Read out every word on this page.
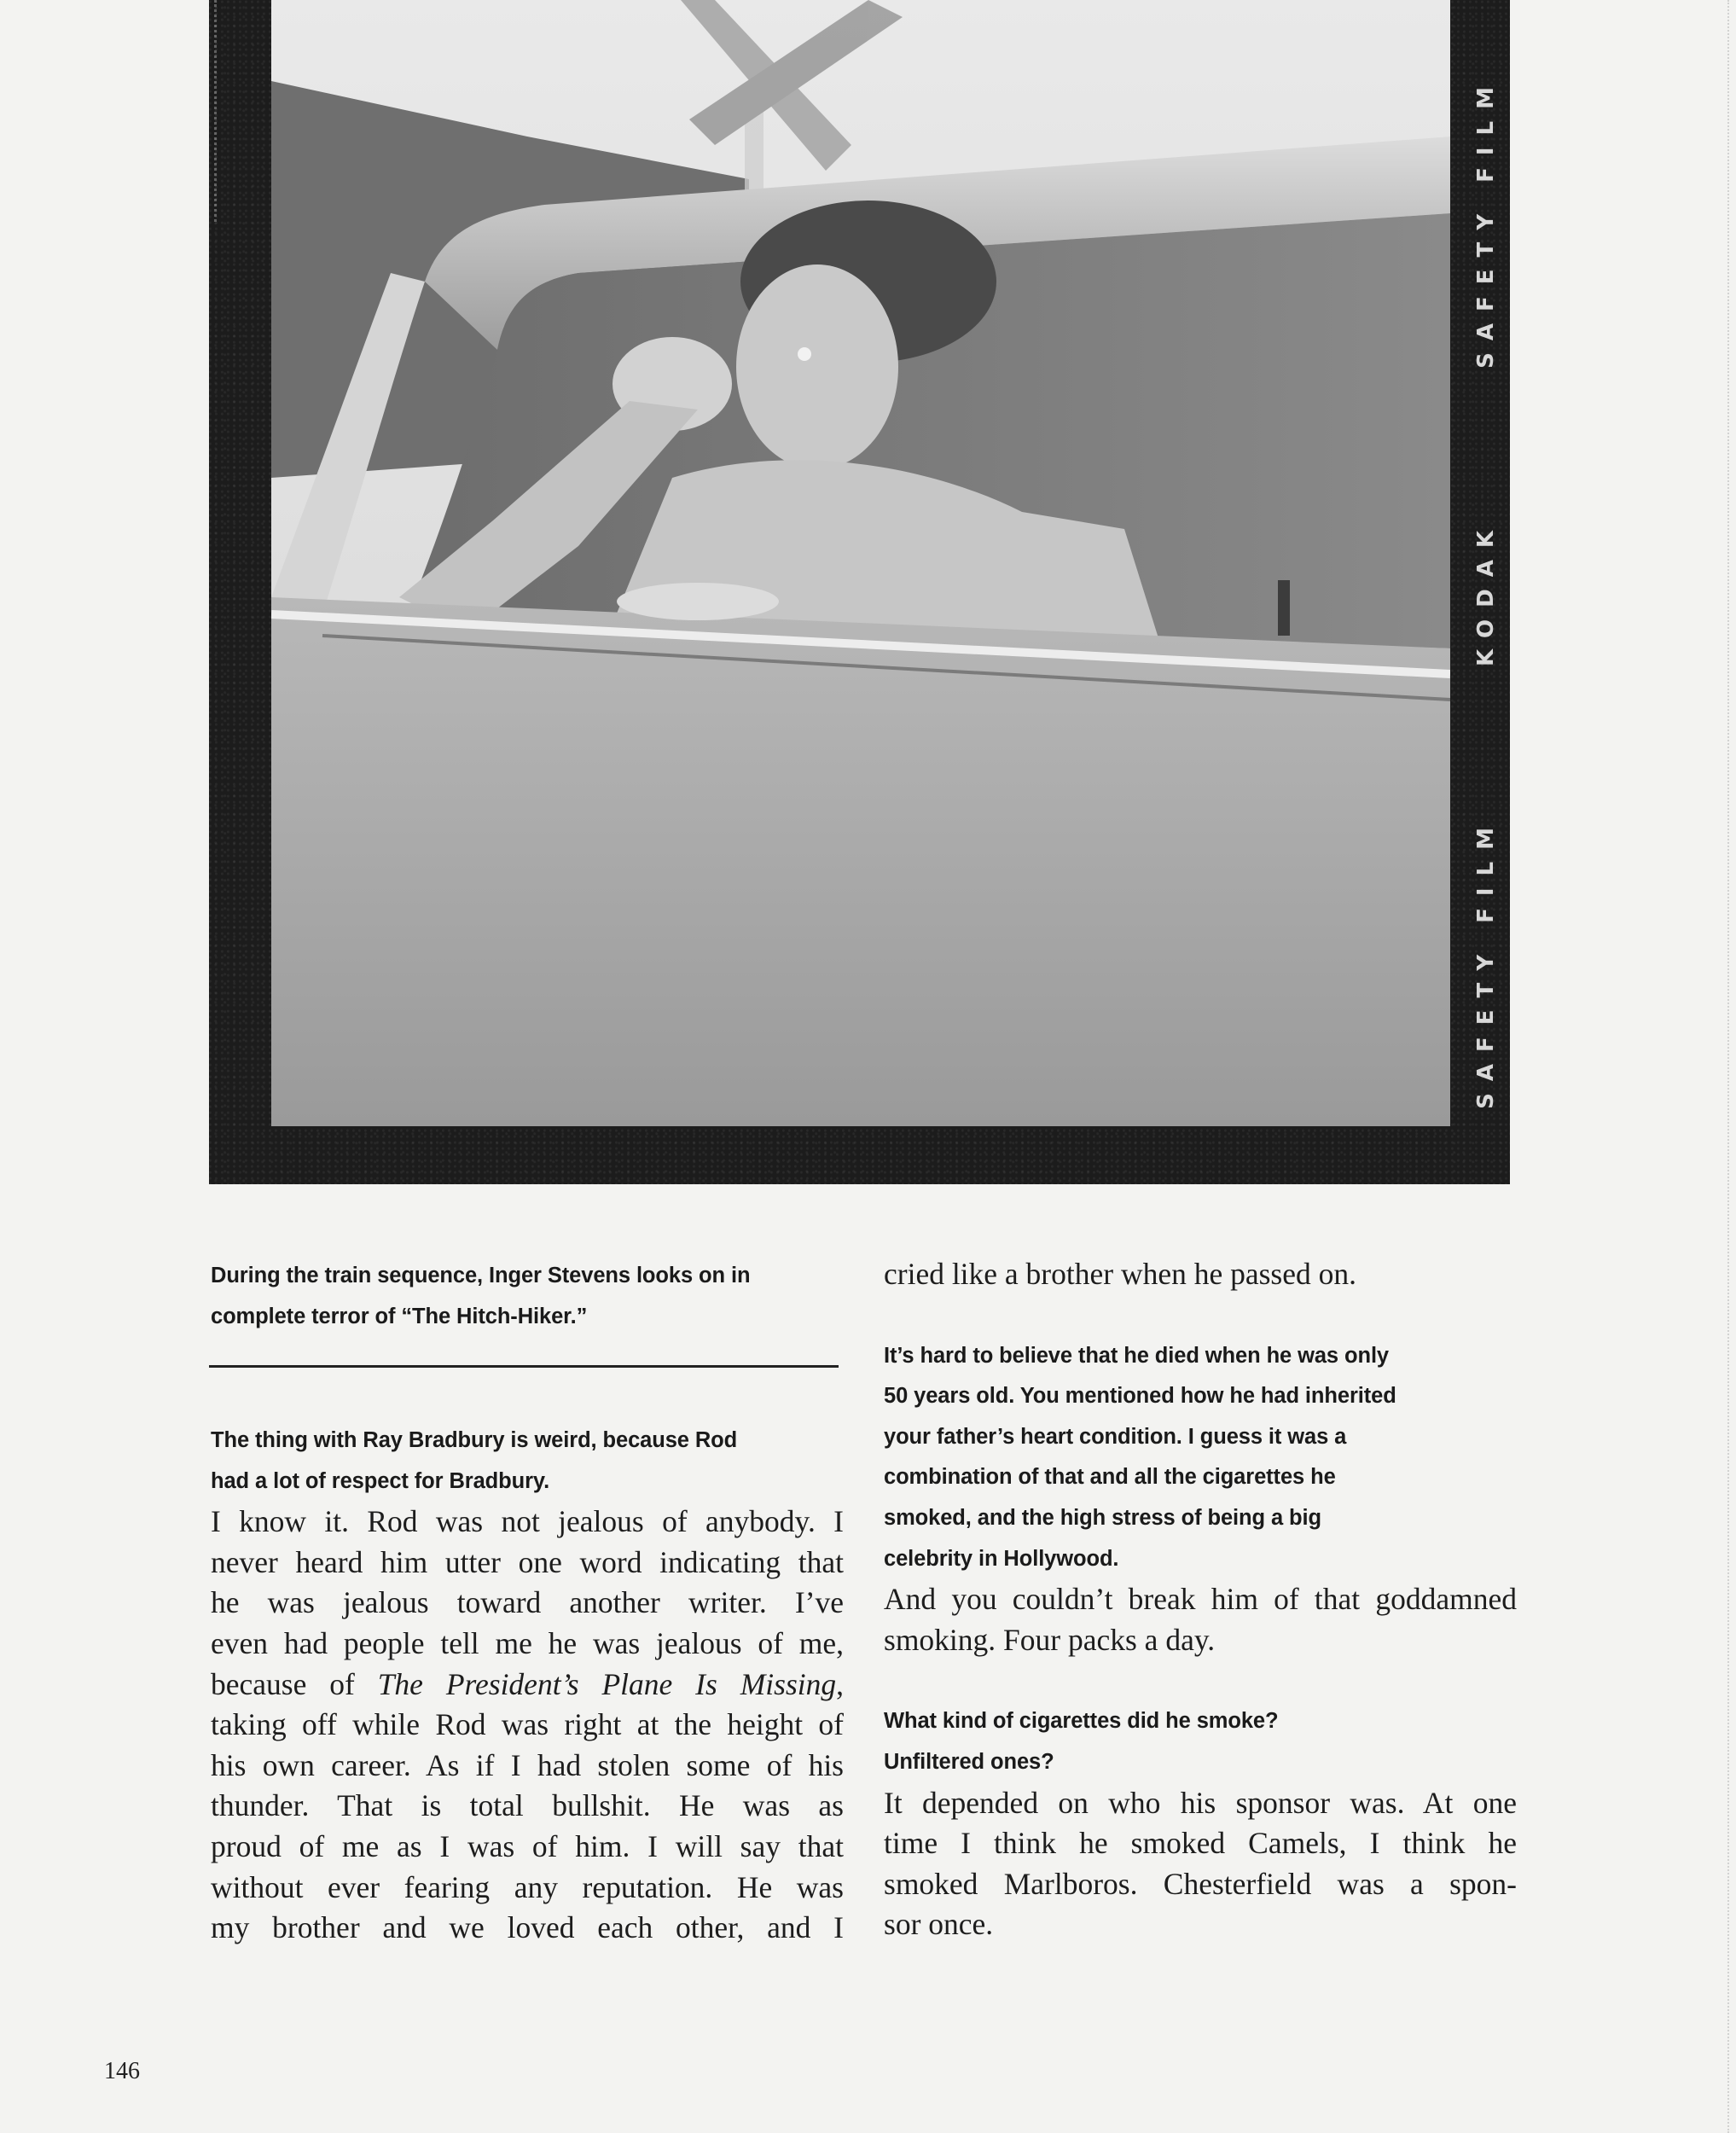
SAFETY FILM
KODAK
SAFETY FILM

During the train sequence, Inger Stevens looks on in
complete terror of “The Hitch-Hiker.”

The thing with Ray Bradbury is weird, because Rod
had a lot of respect for Bradbury.

I know it. Rod was not jealous of anybody. I
never heard him utter one word indicating that
he was jealous toward another writer. I’ve
even had people tell me he was jealous of me,
because of The President’s Plane Is Missing,
taking off while Rod was right at the height of
his own career. As if I had stolen some of his
thunder. That is total bullshit. He was as
proud of me as I was of him. I will say that
without ever fearing any reputation. He was
my brother and we loved each other, and I

cried like a brother when he passed on.

It’s hard to believe that he died when he was only
50 years old. You mentioned how he had inherited
your father’s heart condition. I guess it was a
combination of that and all the cigarettes he
smoked, and the high stress of being a big
celebrity in Hollywood.

And you couldn’t break him of that goddamned
smoking. Four packs a day.

What kind of cigarettes did he smoke?
Unfiltered ones?

It depended on who his sponsor was. At one
time I think he smoked Camels, I think he
smoked Marlboros. Chesterfield was a spon-
sor once.

146
